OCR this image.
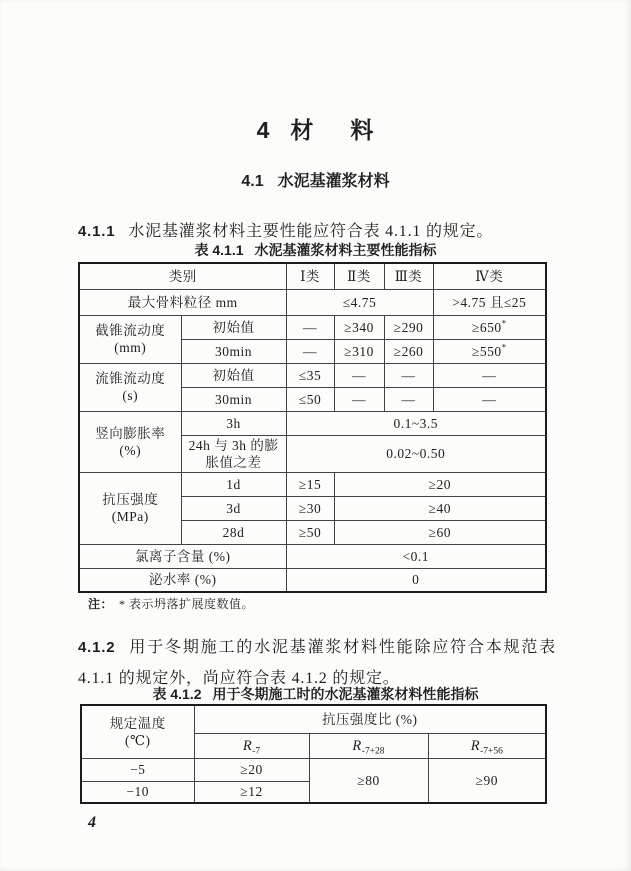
4 材 料
4.1 水泥基灌浆材料

4.1.1 水泥基灌浆材料主要性能应符合表 4.1.1 的规定。

表 4.1.1 水泥基灌浆材料主要性能指标
类别		Ⅰ类	Ⅱ类	Ⅲ类	Ⅳ类
最大骨料粒径 mm		≤4.75			>4.75 且≤25

截锥流动度
(mm)	初始值	—	≥340	≥290	≥650*
	30min	—	≥310	≥260	≥550*

流锥流动度
(s)	初始值	≤35	—	—	—
	30min	≤50	—	—	—

竖向膨胀率
(%)	3h	0.1~3.5			
	24h 与 3h 的膨胀值之差	0.02~0.50			

抗压强度
(MPa)	1d	≥15	≥20		
	3d	≥30	≥40		
	28d	≥50	≥60		
氯离子含量 (%)		<0.1			
泌水率 (%)		0			
注： * 表示坍落扩展度数值。

4.1.2 用于冬期施工的水泥基灌浆材料性能除应符合本规范表 4.1.1 的规定外，尚应符合表 4.1.2 的规定。

表 4.1.2 用于冬期施工时的水泥基灌浆材料性能指标
规定温度
(℃)	抗压强度比 (%)		
	$R_{-7}$	$R_{-7+28}$	$R_{-7+56}$
−5	≥20	≥80	≥90
−10	≥12		
4
